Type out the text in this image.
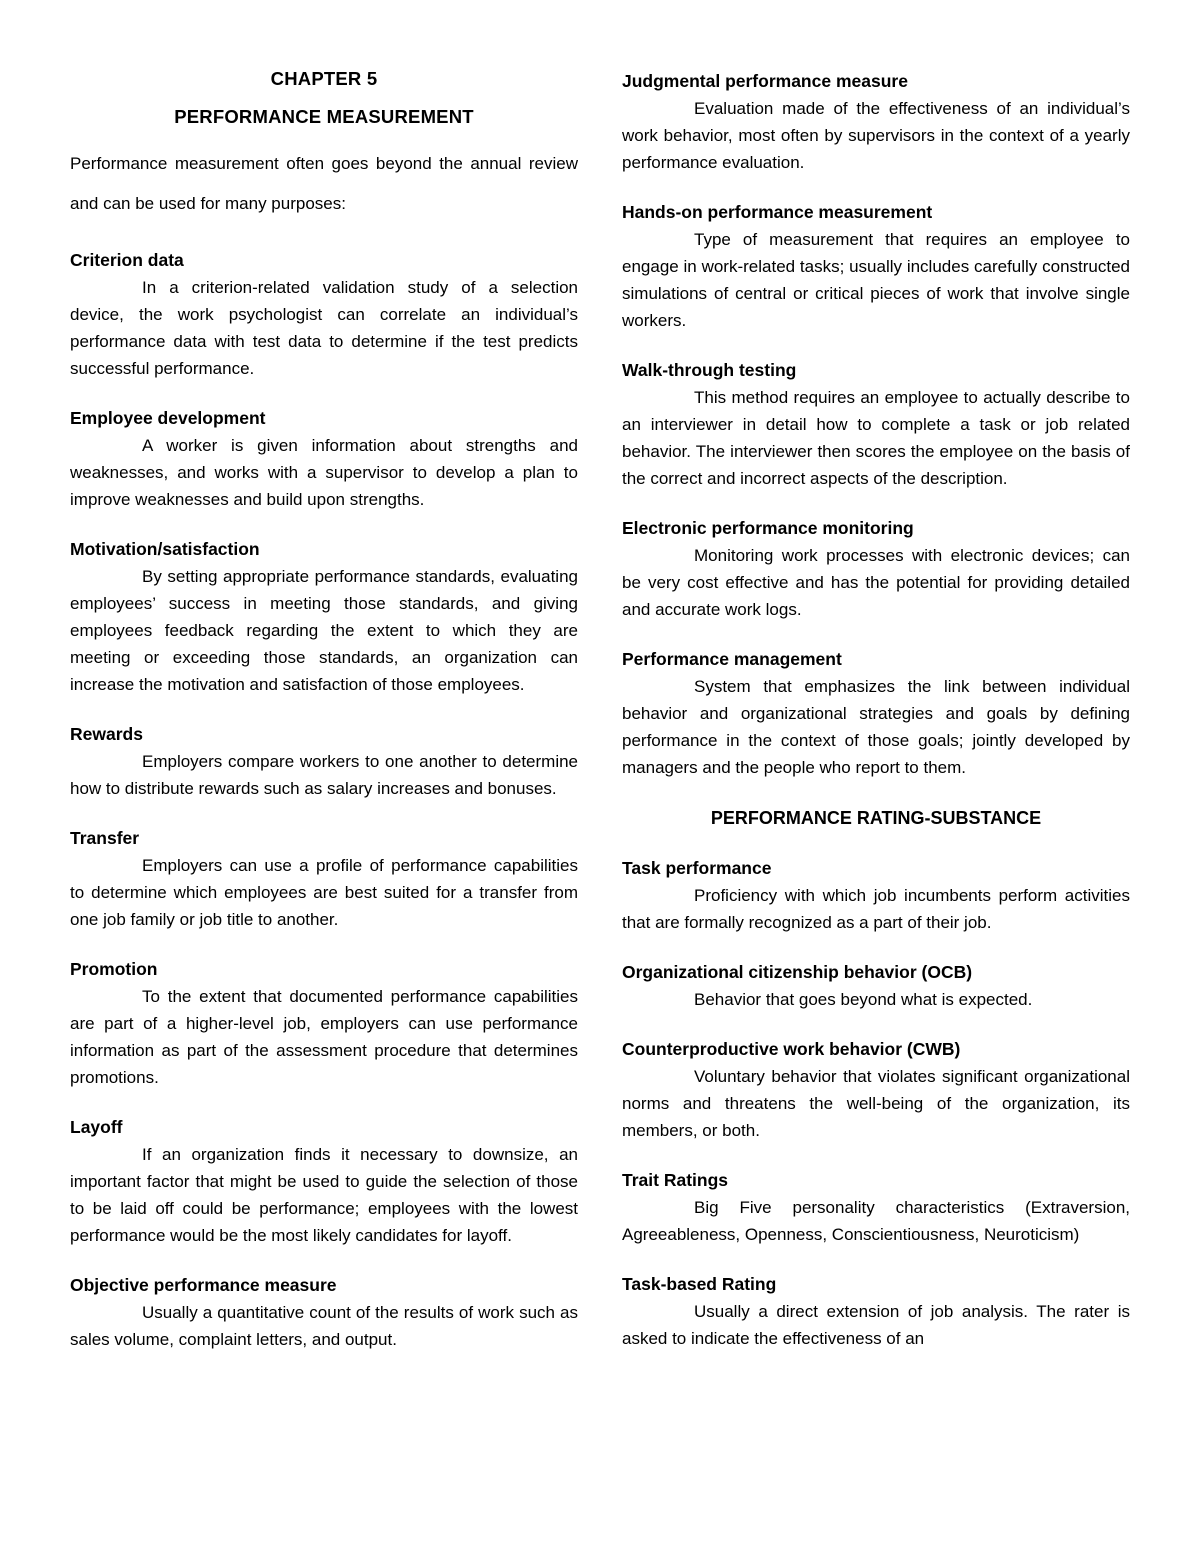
CHAPTER 5
PERFORMANCE MEASUREMENT

Performance measurement often goes beyond the annual review and can be used for many purposes:

Criterion data

In a criterion-related validation study of a selection device, the work psychologist can correlate an individual’s performance data with test data to determine if the test predicts successful performance.

Employee development

A worker is given information about strengths and weaknesses, and works with a supervisor to develop a plan to improve weaknesses and build upon strengths.

Motivation/satisfaction

By setting appropriate performance standards, evaluating employees’ success in meeting those standards, and giving employees feedback regarding the extent to which they are meeting or exceeding those standards, an organization can increase the motivation and satisfaction of those employees.

Rewards

Employers compare workers to one another to determine how to distribute rewards such as salary increases and bonuses.

Transfer

Employers can use a profile of performance capabilities to determine which employees are best suited for a transfer from one job family or job title to another.

Promotion

To the extent that documented performance capabilities are part of a higher-level job, employers can use performance information as part of the assessment procedure that determines promotions.

Layoff

If an organization finds it necessary to downsize, an important factor that might be used to guide the selection of those to be laid off could be performance; employees with the lowest performance would be the most likely candidates for layoff.

Objective performance measure

Usually a quantitative count of the results of work such as sales volume, complaint letters, and output.

Judgmental performance measure

Evaluation made of the effectiveness of an individual’s work behavior, most often by supervisors in the context of a yearly performance evaluation.

Hands-on performance measurement

Type of measurement that requires an employee to engage in work-related tasks; usually includes carefully constructed simulations of central or critical pieces of work that involve single workers.

Walk-through testing

This method requires an employee to actually describe to an interviewer in detail how to complete a task or job related behavior. The interviewer then scores the employee on the basis of the correct and incorrect aspects of the description.

Electronic performance monitoring

Monitoring work processes with electronic devices; can be very cost effective and has the potential for providing detailed and accurate work logs.

Performance management

System that emphasizes the link between individual behavior and organizational strategies and goals by defining performance in the context of those goals; jointly developed by managers and the people who report to them.

PERFORMANCE RATING-SUBSTANCE
Task performance

Proficiency with which job incumbents perform activities that are formally recognized as a part of their job.

Organizational citizenship behavior (OCB)

Behavior that goes beyond what is expected.

Counterproductive work behavior (CWB)

Voluntary behavior that violates significant organizational norms and threatens the well-being of the organization, its members, or both.

Trait Ratings

Big Five personality characteristics (Extraversion, Agreeableness, Openness, Conscientiousness, Neuroticism)

Task-based Rating

Usually a direct extension of job analysis. The rater is asked to indicate the effectiveness of an
